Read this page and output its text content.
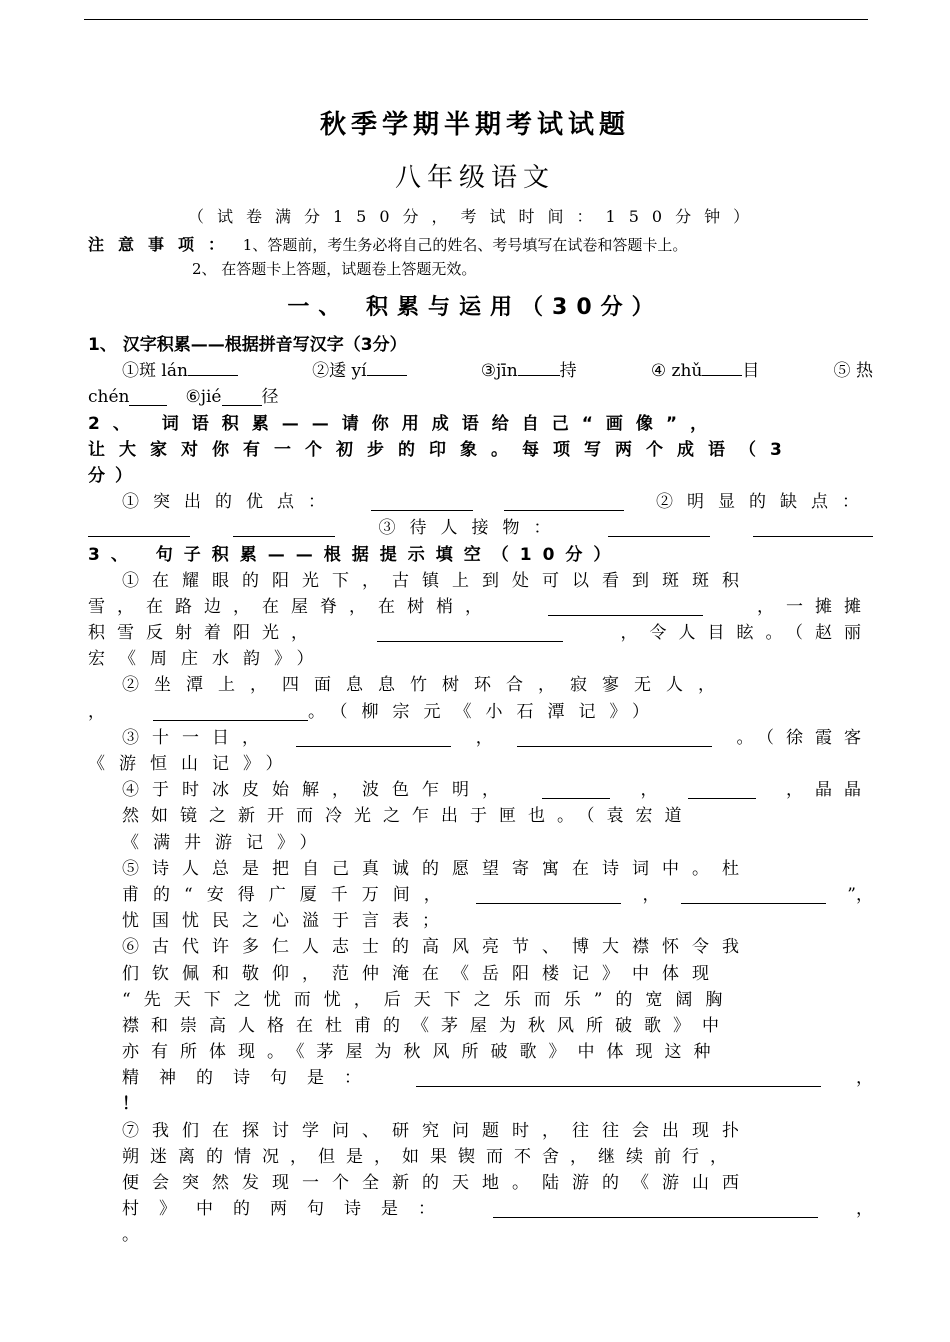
秋季学期半期考试试题
八年级语文
（试卷满分150分，考试时间：150分钟）
注意事项： 1、答题前，考生务必将自己的姓名、考号填写在试卷和答题卡上。
2、 在答题卡上答题，试题卷上答题无效。
一、 积累与运用（30分）
1、 汉字积累——根据拼音写汉字（3分）
①斑 lán	②逶 yí	③jīn 持	④ zhǔ 目	⑤ 热
chén	⑥jié 径
2、 词语积累——请你用成语给自己“画像”，
让大家对你有一个初步的印象。每项写两个成语（3
分）
①突出的优点：	②明显的缺点：
③待人接物：
3、 句子积累——根据提示填空（10分）
①在耀眼的阳光下，古镇上到处可以看到斑斑积
雪，在路边，在屋脊，在树梢，	，一摊摊
积雪反射着阳光，	，令人目眩。（赵丽
宏《周庄水韵》）
②坐潭上，四面息息竹树环合，寂寥无人，
，	。（柳宗元《小石潭记》）
③十一日，	，	。（徐霞客
《游恒山记》）
④于时冰皮始解，波色乍明，	，	，晶晶
然如镜之新开而冷光之乍出于匣也。（袁宏道
《满井游记》）
⑤诗人总是把自己真诚的愿望寄寓在诗词中。杜
甫的“安得广厦千万间，	，	”，
忧国忧民之心溢于言表；
⑥古代许多仁人志士的高风亮节、博大襟怀令我
们钦佩和敬仰，范仲淹在《岳阳楼记》中体现
“先天下之忧而忧，后天下之乐而乐”的宽阔胸
襟和崇高人格在杜甫的《茅屋为秋风所破歌》中
亦有所体现。《茅屋为秋风所破歌》中体现这种
精神的诗句是：	，
！
⑦我们在探讨学问、研究问题时，往往会出现扑
朔迷离的情况，但是，如果锲而不舍，继续前行，
便会突然发现一个全新的天地。陆游的《游山西
村》中的两句诗是：	，
。
